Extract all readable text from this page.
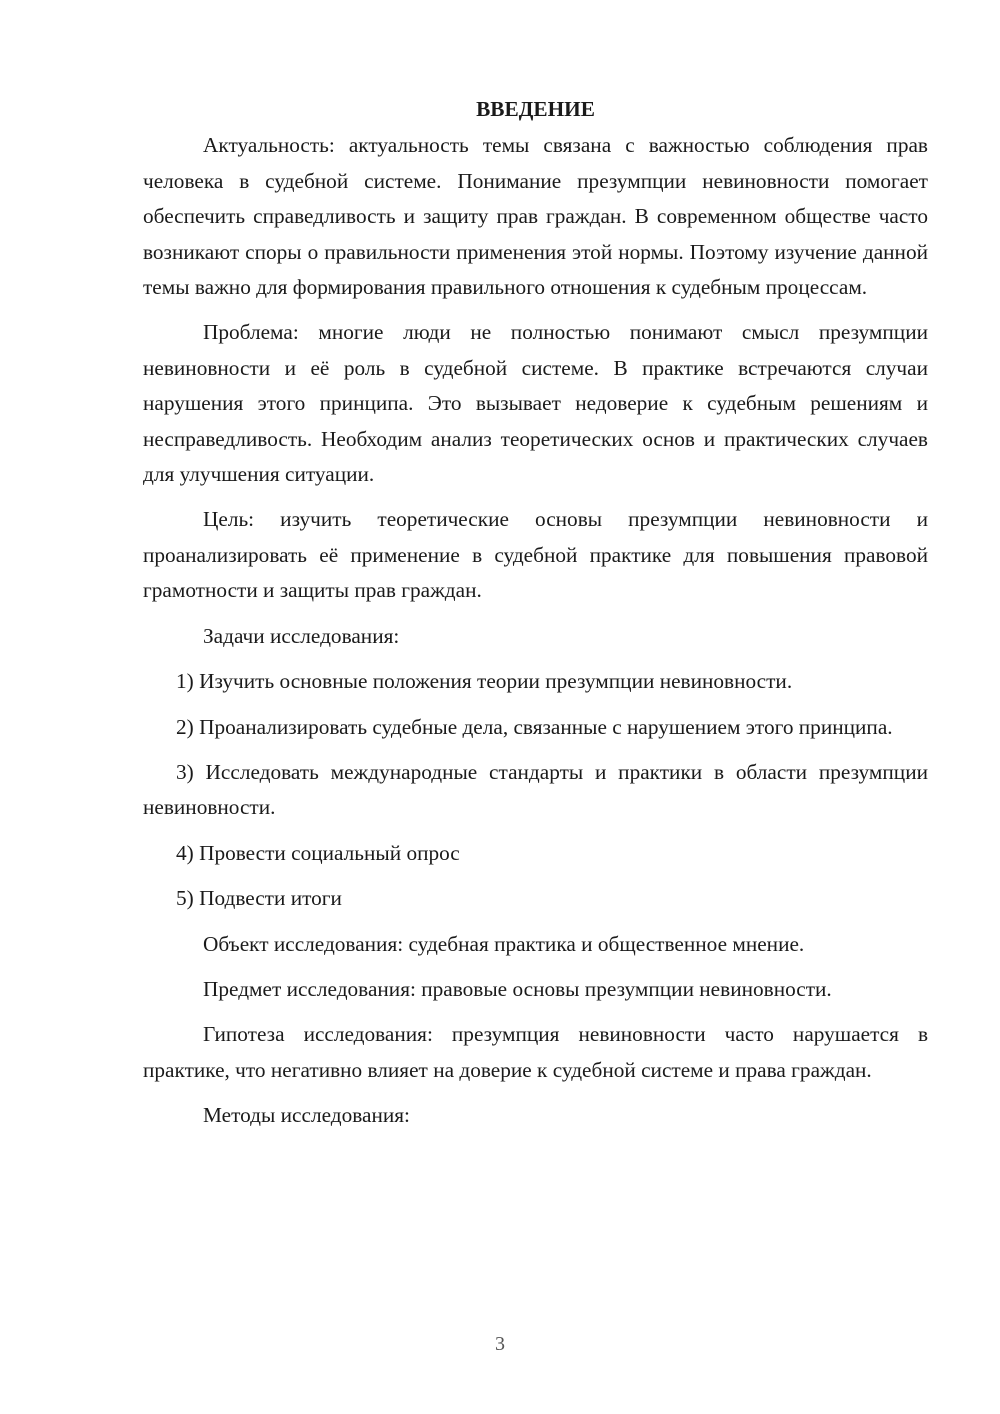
ВВЕДЕНИЕ

Актуальность: актуальность темы связана с важностью соблюдения прав человека в судебной системе. Понимание презумпции невиновности помогает обеспечить справедливость и защиту прав граждан. В современном обществе часто возникают споры о правильности применения этой нормы. Поэтому изучение данной темы важно для формирования правильного отношения к судебным процессам.

Проблема: многие люди не полностью понимают смысл презумпции невиновности и её роль в судебной системе. В практике встречаются случаи нарушения этого принципа. Это вызывает недоверие к судебным решениям и несправедливость. Необходим анализ теоретических основ и практических случаев для улучшения ситуации.

Цель: изучить теоретические основы презумпции невиновности и проанализировать её применение в судебной практике для повышения правовой грамотности и защиты прав граждан.

Задачи исследования:

1) Изучить основные положения теории презумпции невиновности.

2) Проанализировать судебные дела, связанные с нарушением этого принципа.

3) Исследовать международные стандарты и практики в области презумпции невиновности.

4) Провести социальный опрос

5) Подвести итоги

Объект исследования: судебная практика и общественное мнение.

Предмет исследования: правовые основы презумпции невиновности.

Гипотеза исследования: презумпция невиновности часто нарушается в практике, что негативно влияет на доверие к судебной системе и права граждан.

Методы исследования:

3
